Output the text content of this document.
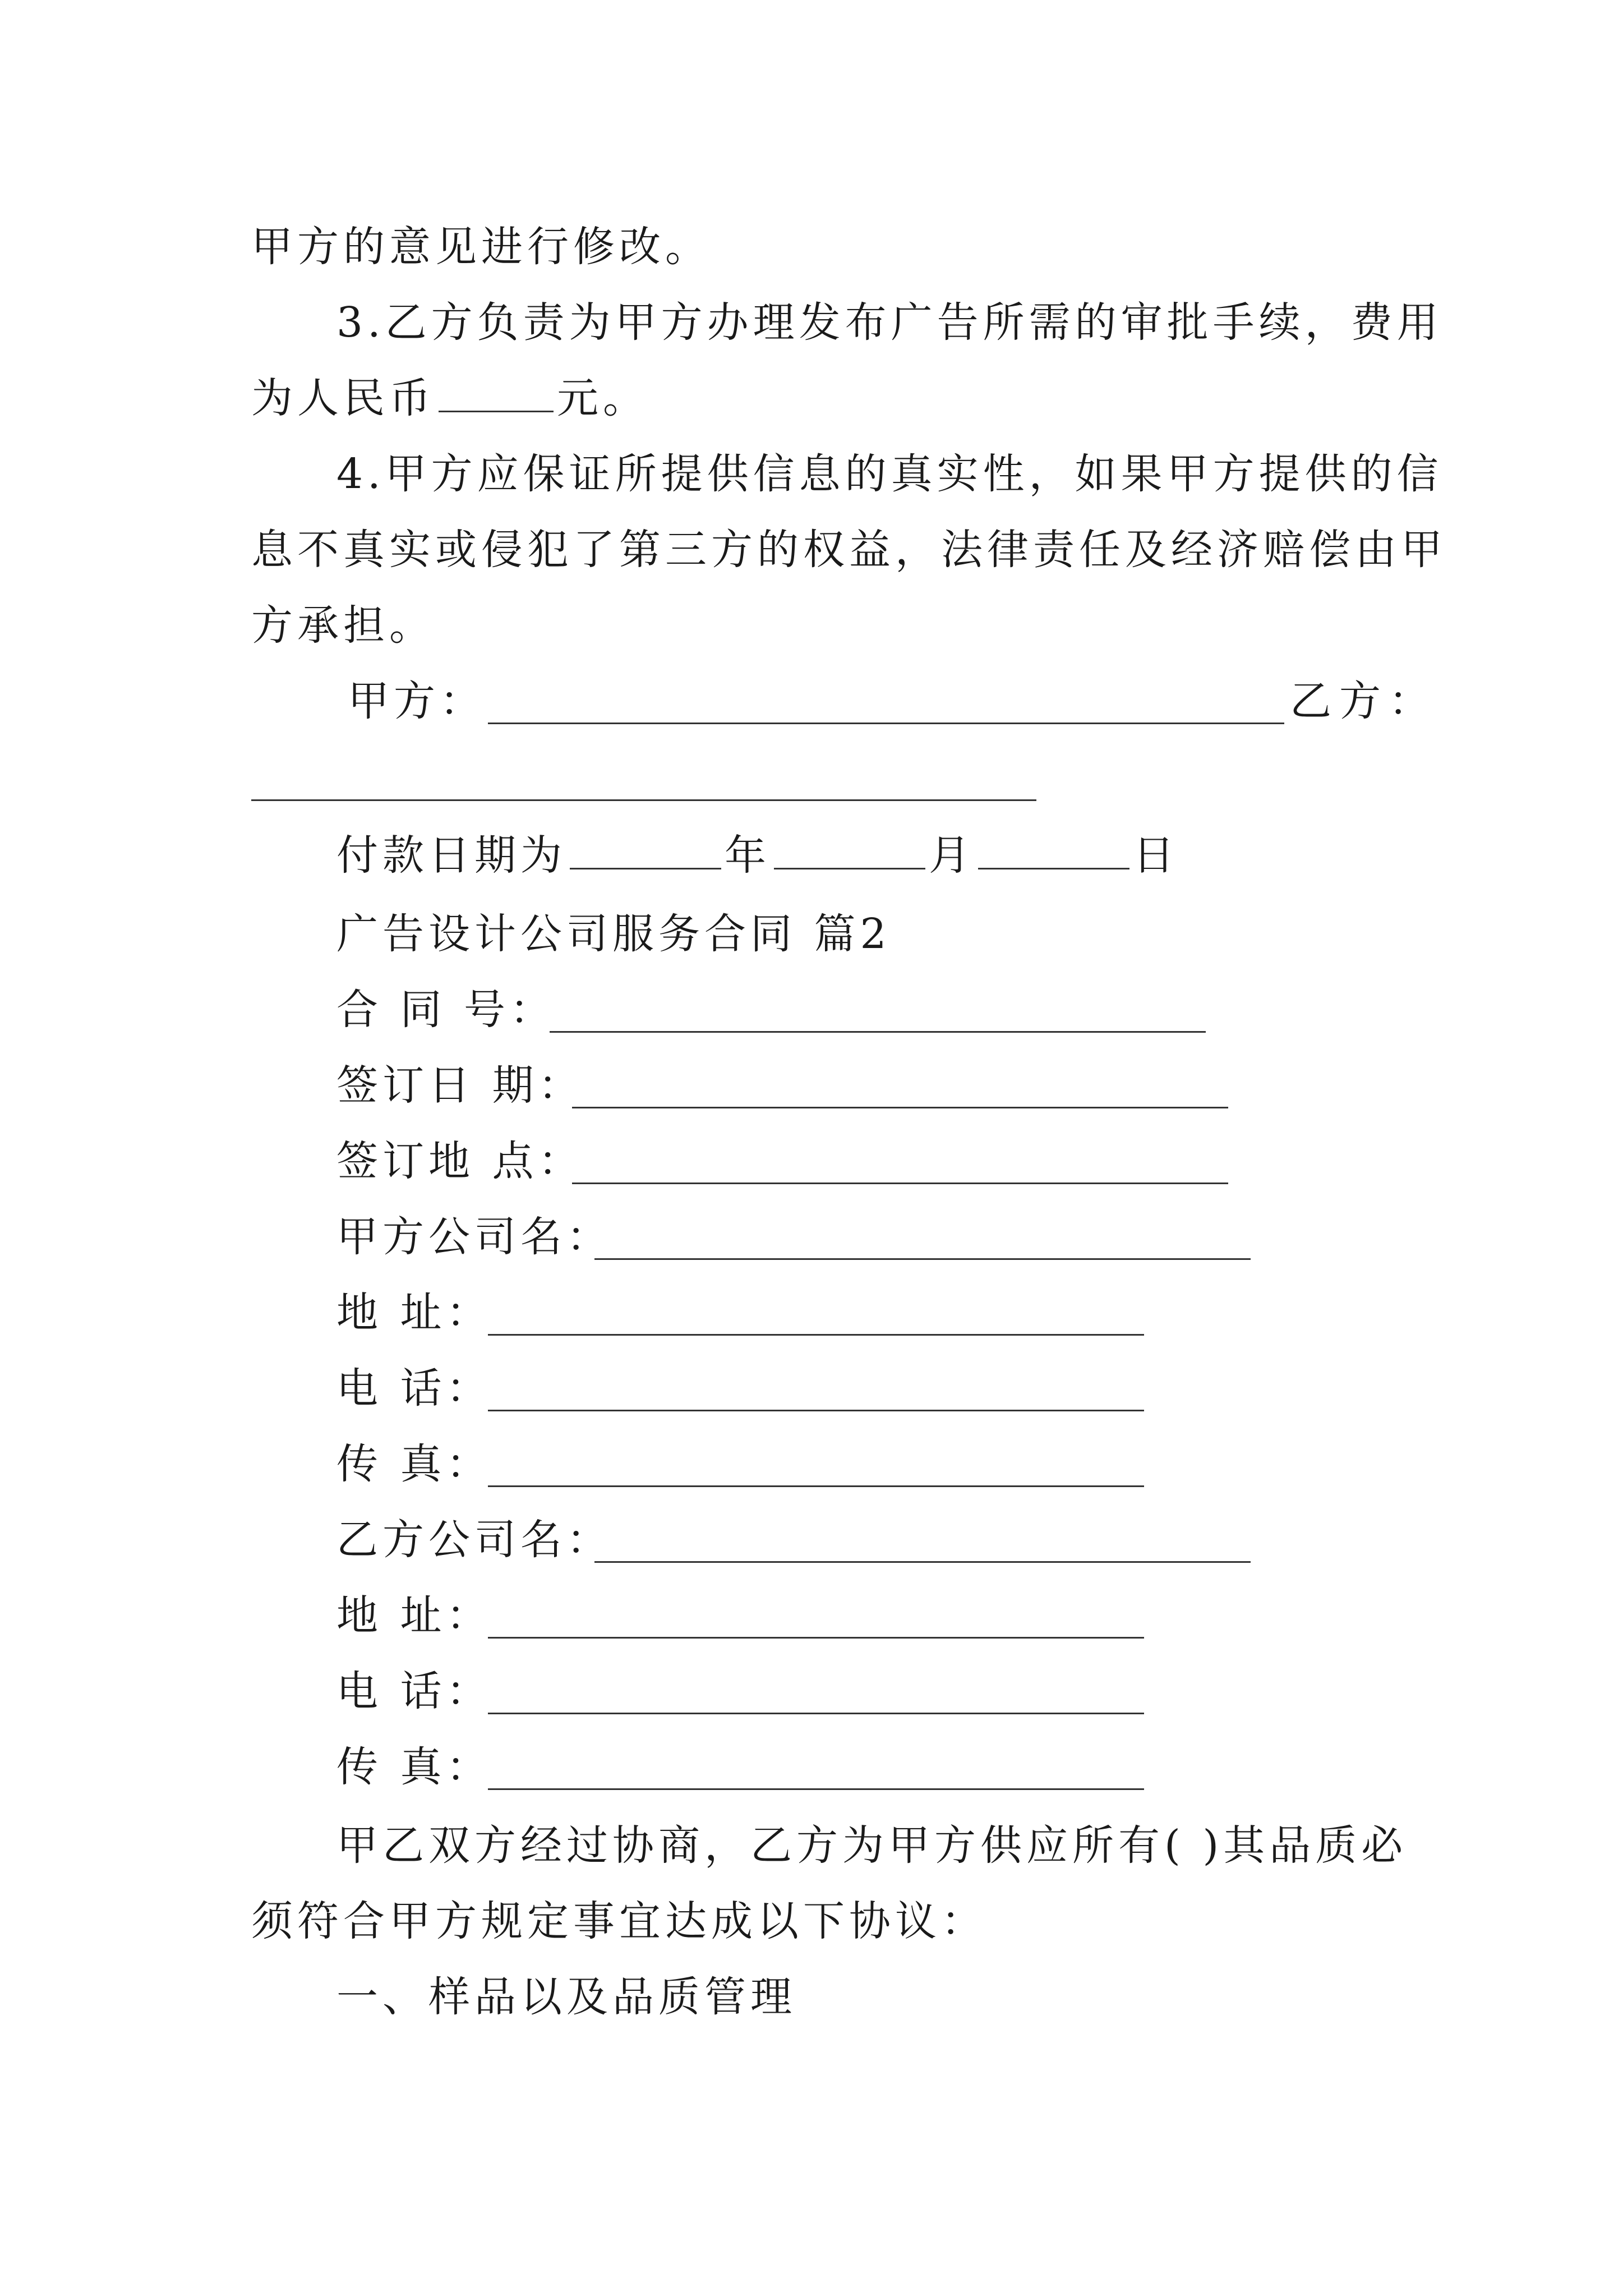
甲方的意见进行修改。
3.乙方负责为甲方办理发布广告所需的审批手续，费用
为人民币	元。
4.甲方应保证所提供信息的真实性，如果甲方提供的信
息不真实或侵犯了第三方的权益，法律责任及经济赔偿由甲
方承担。
甲方：	乙方：
付款日期为	年	月	日
广告设计公司服务合同 篇2
合 同 号：
签订日 期：
签订地 点：
甲方公司名：
地 址：
电 话：
传 真：
乙方公司名：
地 址：
电 话：
传 真：
甲乙双方经过协商，乙方为甲方供应所有( )其品质必
须符合甲方规定事宜达成以下协议：
一、样品以及品质管理
